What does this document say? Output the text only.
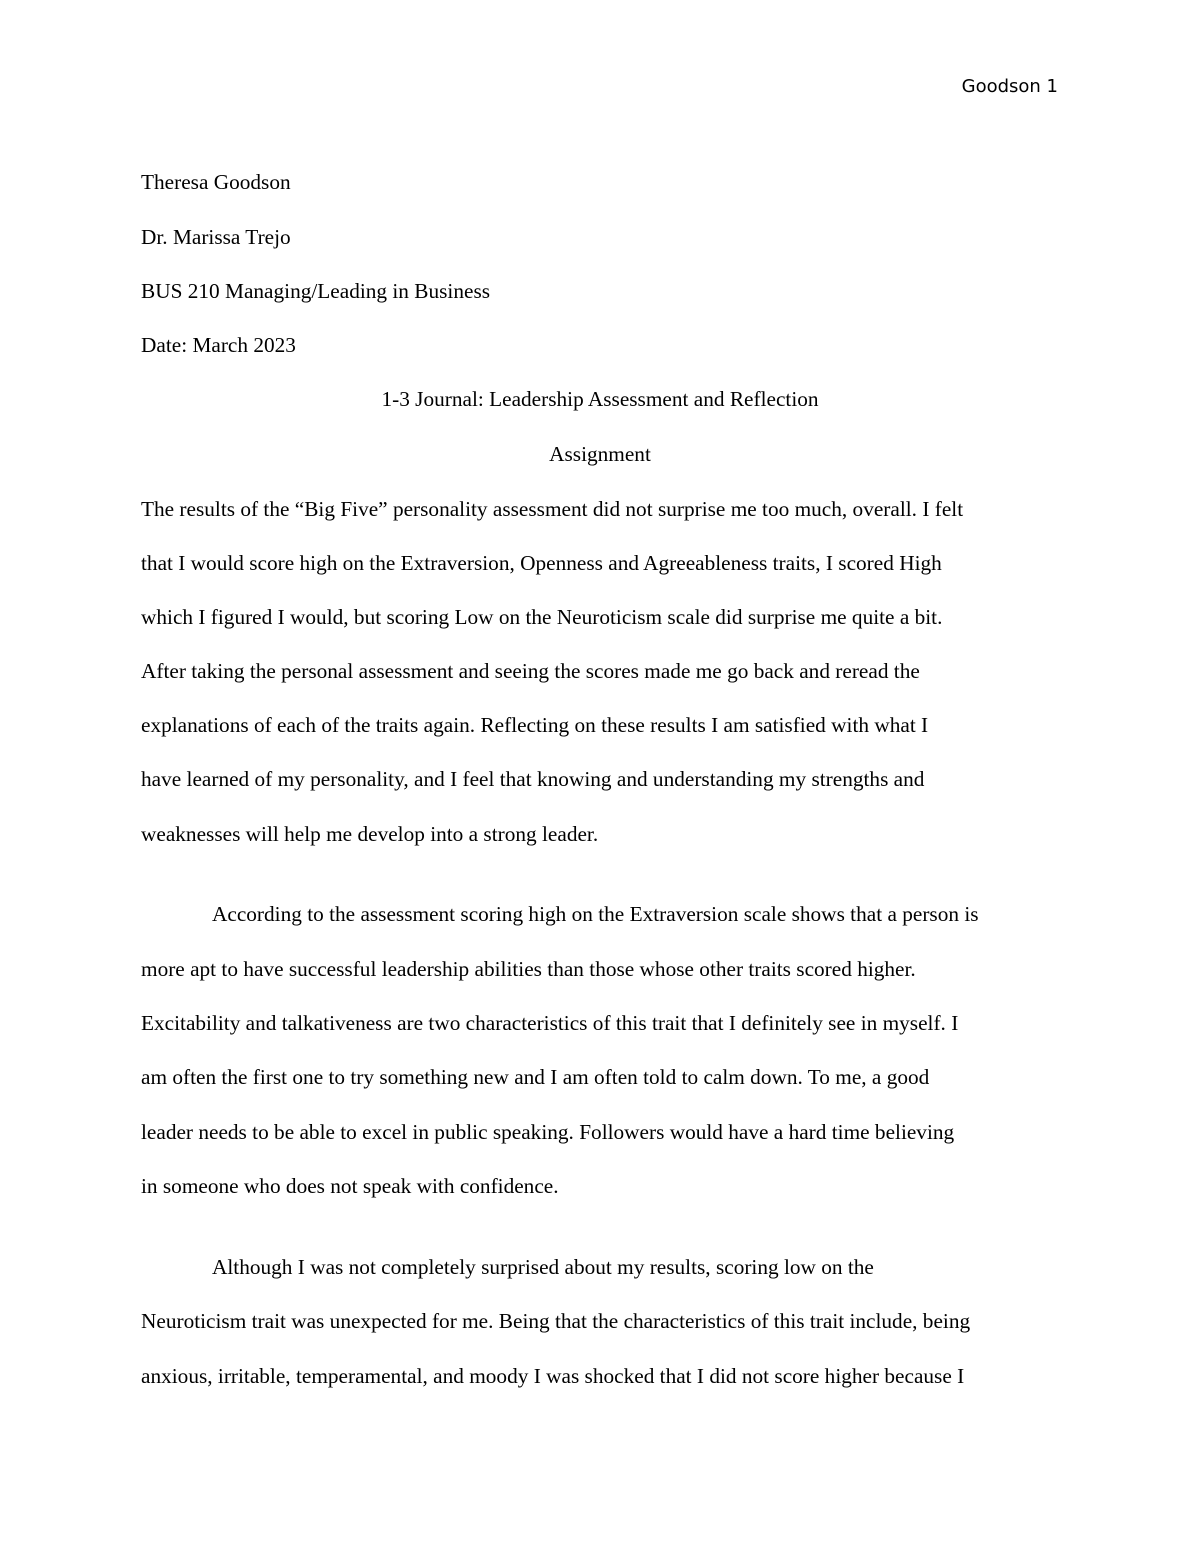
Goodson 1
Theresa Goodson
Dr. Marissa Trejo
BUS 210 Managing/Leading in Business
Date: March 2023
1-3 Journal: Leadership Assessment and Reflection
Assignment
The results of the “Big Five” personality assessment did not surprise me too much, overall. I felt
that I would score high on the Extraversion, Openness and Agreeableness traits, I scored High
which I figured I would, but scoring Low on the Neuroticism scale did surprise me quite a bit.
After taking the personal assessment and seeing the scores made me go back and reread the
explanations of each of the traits again. Reflecting on these results I am satisfied with what I
have learned of my personality, and I feel that knowing and understanding my strengths and
weaknesses will help me develop into a strong leader.
According to the assessment scoring high on the Extraversion scale shows that a person is
more apt to have successful leadership abilities than those whose other traits scored higher.
Excitability and talkativeness are two characteristics of this trait that I definitely see in myself. I
am often the first one to try something new and I am often told to calm down. To me, a good
leader needs to be able to excel in public speaking. Followers would have a hard time believing
in someone who does not speak with confidence.
Although I was not completely surprised about my results, scoring low on the
Neuroticism trait was unexpected for me. Being that the characteristics of this trait include, being
anxious, irritable, temperamental, and moody I was shocked that I did not score higher because I
